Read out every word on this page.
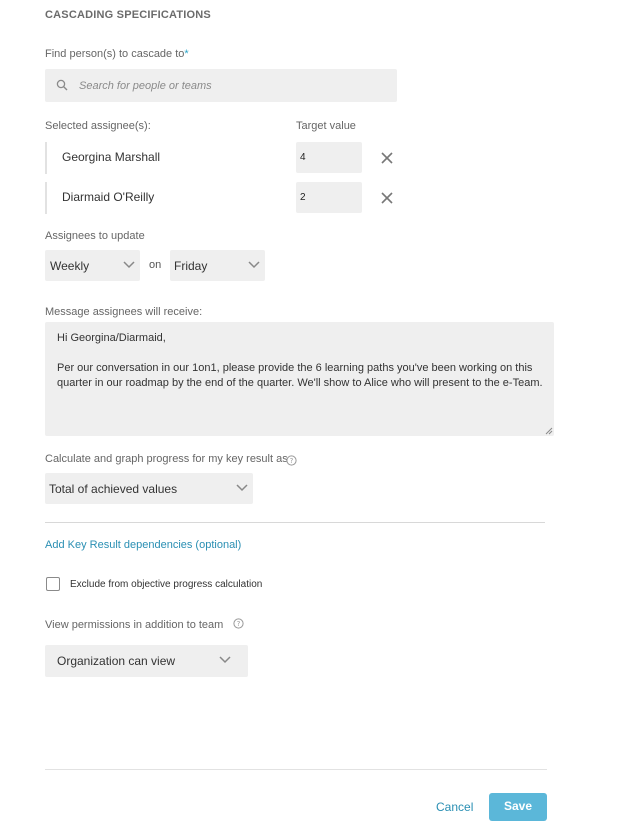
CASCADING SPECIFICATIONS
Find person(s) to cascade to*
Search for people or teams
Selected assignee(s):	Target value
Georgina Marshall	4
Diarmaid O'Reilly	2
Assignees to update
Weekly	on Friday
Message assignees will receive:

Hi Georgina/Diarmaid,

Per our conversation in our 1on1, please provide the 6 learning paths you've been working on this quarter in our roadmap by the end of the quarter. We'll show to Alice who will present to the e-Team.

Calculate and graph progress for my key result as ?
Total of achieved values
Add Key Result dependencies (optional)
Exclude from objective progress calculation
View permissions in addition to team ?
Organization can view
Cancel	Save
